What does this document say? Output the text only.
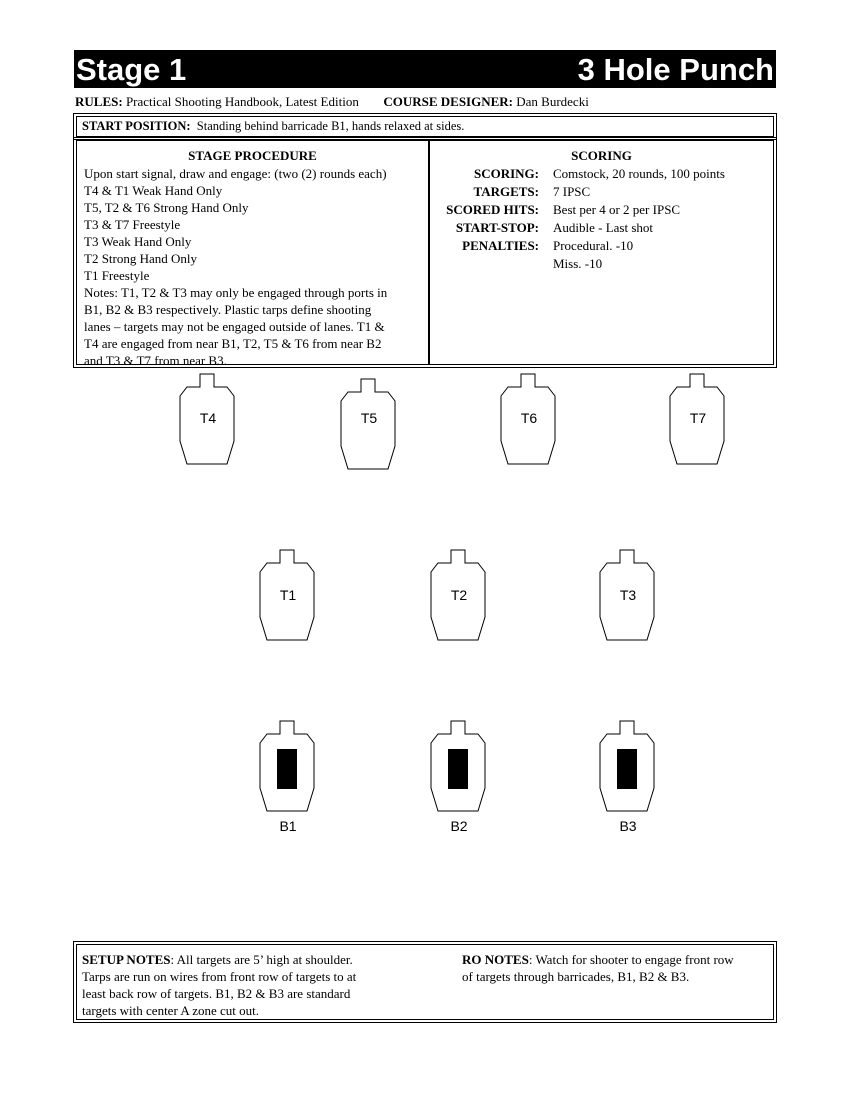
Stage 1	3 Hole Punch
RULES: Practical Shooting Handbook, Latest Edition COURSE DESIGNER: Dan Burdecki
START POSITION: Standing behind barricade B1, hands relaxed at sides.
STAGE PROCEDURE
Upon start signal, draw and engage: (two (2) rounds each)
T4 & T1 Weak Hand Only
T5, T2 & T6 Strong Hand Only
T3 & T7 Freestyle
T3 Weak Hand Only
T2 Strong Hand Only
T1 Freestyle
Notes: T1, T2 & T3 may only be engaged through ports in
B1, B2 & B3 respectively. Plastic tarps define shooting
lanes – targets may not be engaged outside of lanes. T1 &
T4 are engaged from near B1, T2, T5 & T6 from near B2
and T3 & T7 from near B3.
SCORING
SCORING: Comstock, 20 rounds, 100 points
TARGETS: 7 IPSC
SCORED HITS: Best per 4 or 2 per IPSC
START-STOP: Audible - Last shot
PENALTIES: Procedural. -10
Miss. -10
T4	T5	T6	T7
T1	T2	T3
B1	B2	B3
SETUP NOTES: All targets are 5’ high at shoulder.
Tarps are run on wires from front row of targets to at
least back row of targets. B1, B2 & B3 are standard
targets with center A zone cut out.
RO NOTES: Watch for shooter to engage front row
of targets through barricades, B1, B2 & B3.
